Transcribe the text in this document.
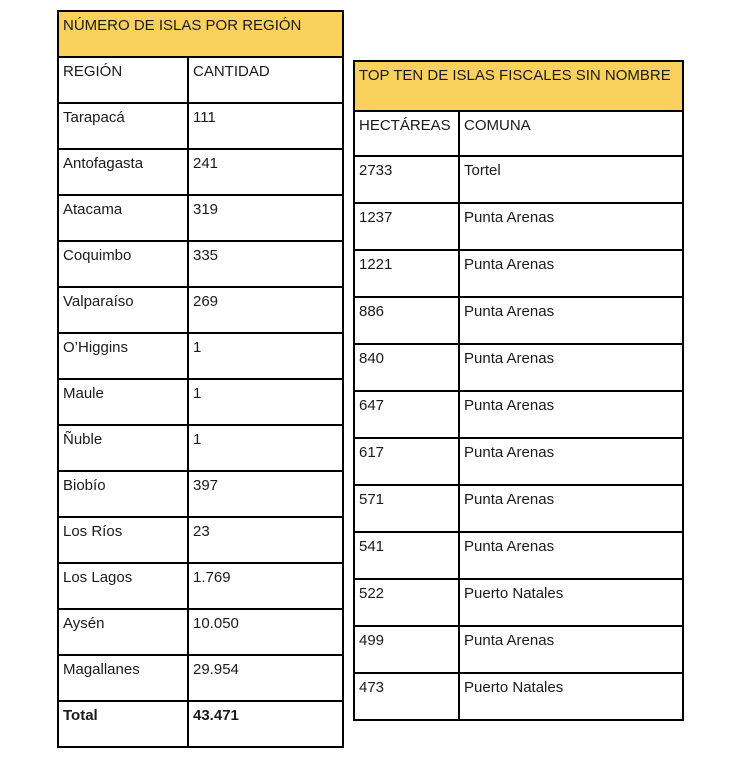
NÚMERO DE ISLAS POR REGIÓN	
REGIÓN	CANTIDAD
Tarapacá	111
Antofagasta	241
Atacama	319
Coquimbo	335
Valparaíso	269
O’Higgins	1
Maule	1
Ñuble	1
Biobío	397
Los Ríos	23
Los Lagos	1.769
Aysén	10.050
Magallanes	29.954
Total	43.471
TOP TEN DE ISLAS FISCALES SIN NOMBRE	
HECTÁREAS	COMUNA
2733	Tortel
1237	Punta Arenas
1221	Punta Arenas
886	Punta Arenas
840	Punta Arenas
647	Punta Arenas
617	Punta Arenas
571	Punta Arenas
541	Punta Arenas
522	Puerto Natales
499	Punta Arenas
473	Puerto Natales
